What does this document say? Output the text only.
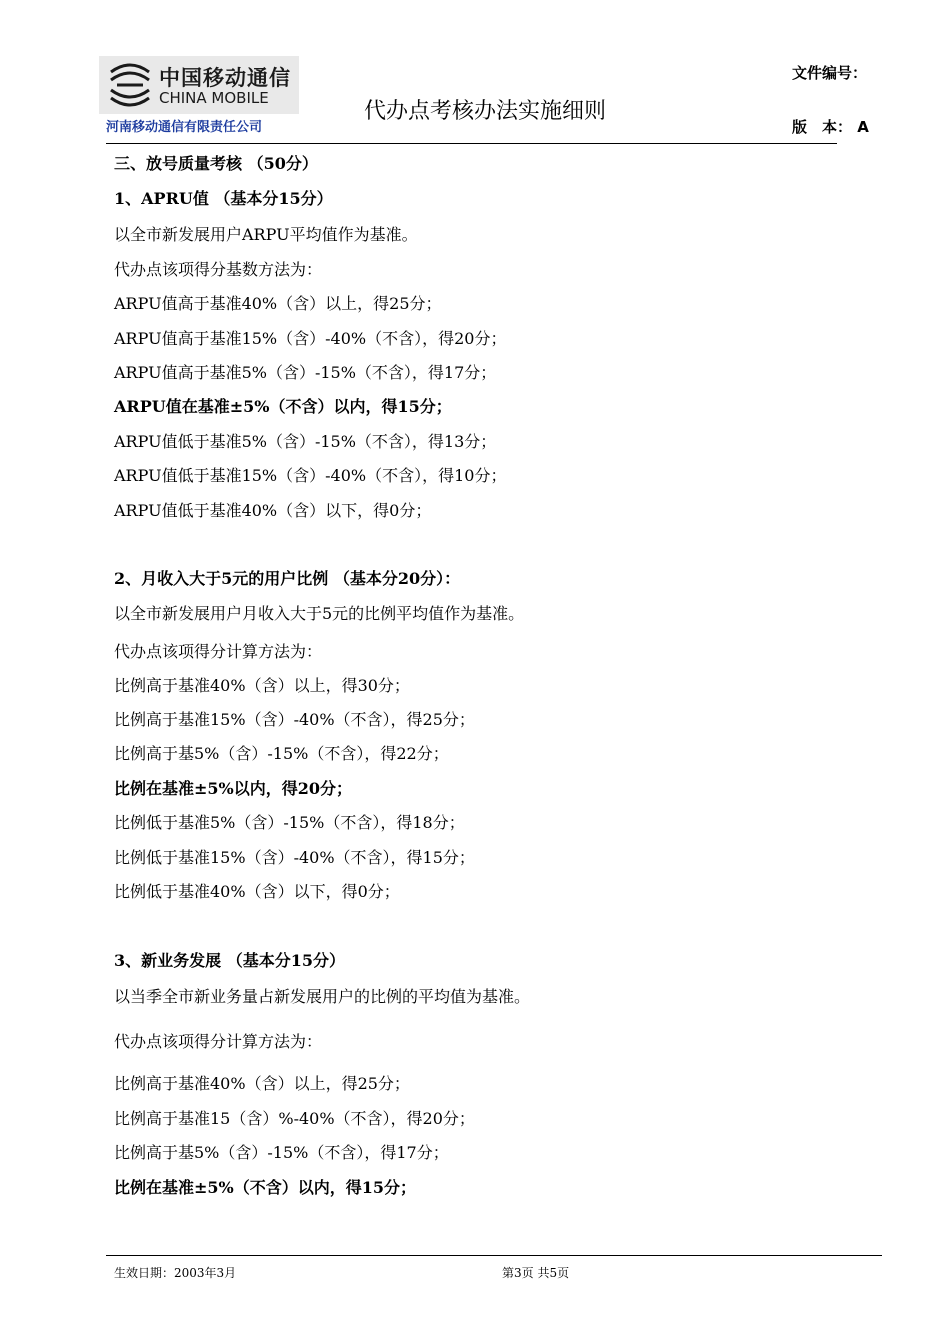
中国移动通信
CHINA MOBILE
河南移动通信有限责任公司
代办点考核办法实施细则
文件编号：
版　本： A
三、放号质量考核 （50分）
1、APRU值 （基本分15分）
以全市新发展用户ARPU平均值作为基准。
代办点该项得分基数方法为：
ARPU值高于基准40%（含）以上，得25分；
ARPU值高于基准15%（含）-40%（不含），得20分；
ARPU值高于基准5%（含）-15%（不含），得17分；
ARPU值在基准±5%（不含）以内，得15分；
ARPU值低于基准5%（含）-15%（不含），得13分；
ARPU值低于基准15%（含）-40%（不含），得10分；
ARPU值低于基准40%（含）以下，得0分；
2、月收入大于5元的用户比例 （基本分20分）：
以全市新发展用户月收入大于5元的比例平均值作为基准。
代办点该项得分计算方法为：
比例高于基准40%（含）以上，得30分；
比例高于基准15%（含）-40%（不含），得25分；
比例高于基5%（含）-15%（不含），得22分；
比例在基准±5%以内，得20分；
比例低于基准5%（含）-15%（不含），得18分；
比例低于基准15%（含）-40%（不含），得15分；
比例低于基准40%（含）以下，得0分；
3、新业务发展 （基本分15分）
以当季全市新业务量占新发展用户的比例的平均值为基准。
代办点该项得分计算方法为：
比例高于基准40%（含）以上，得25分；
比例高于基准15（含）%-40%（不含），得20分；
比例高于基5%（含）-15%（不含），得17分；
比例在基准±5%（不含）以内，得15分；
生效日期：2003年3月	第3页 共5页
